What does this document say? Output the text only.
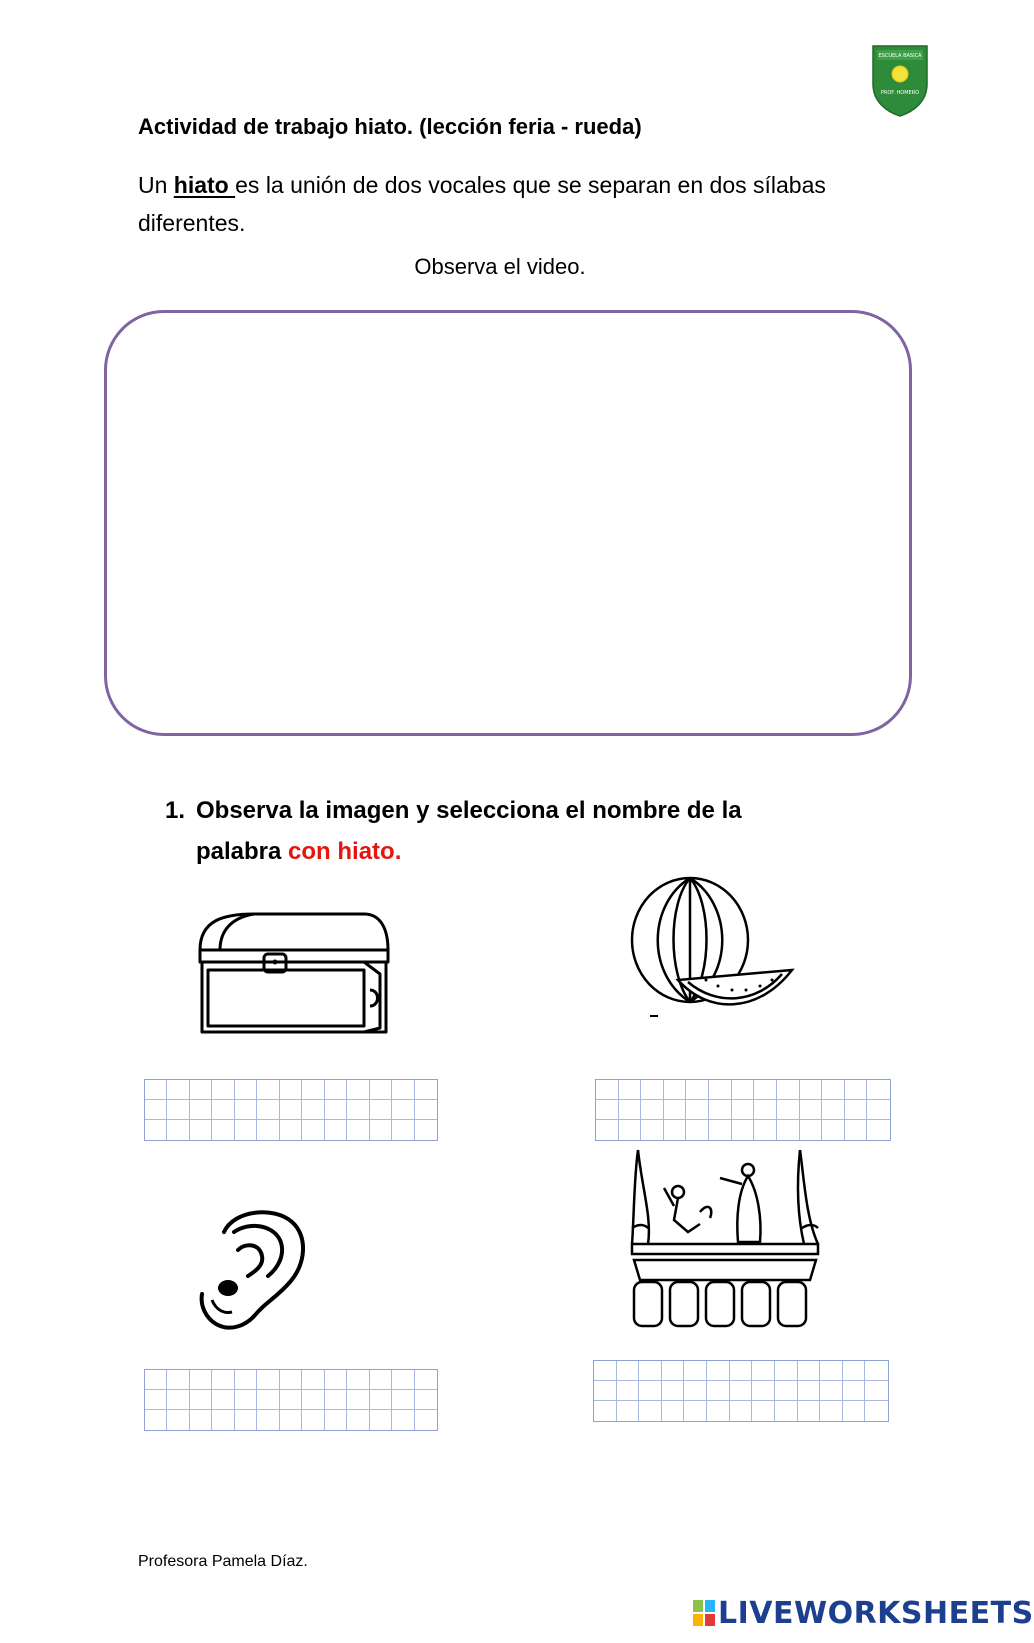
ESCUELA BASICA
PROF. HOMERO
Actividad de trabajo hiato. (lección feria - rueda)
Un hiato es la unión de dos vocales que se separan en dos sílabas diferentes.
Observa el video.
1. Observa la imagen y selecciona el nombre de la palabra con hiato.
Profesora Pamela Díaz.
LIVEWORKSHEETS
